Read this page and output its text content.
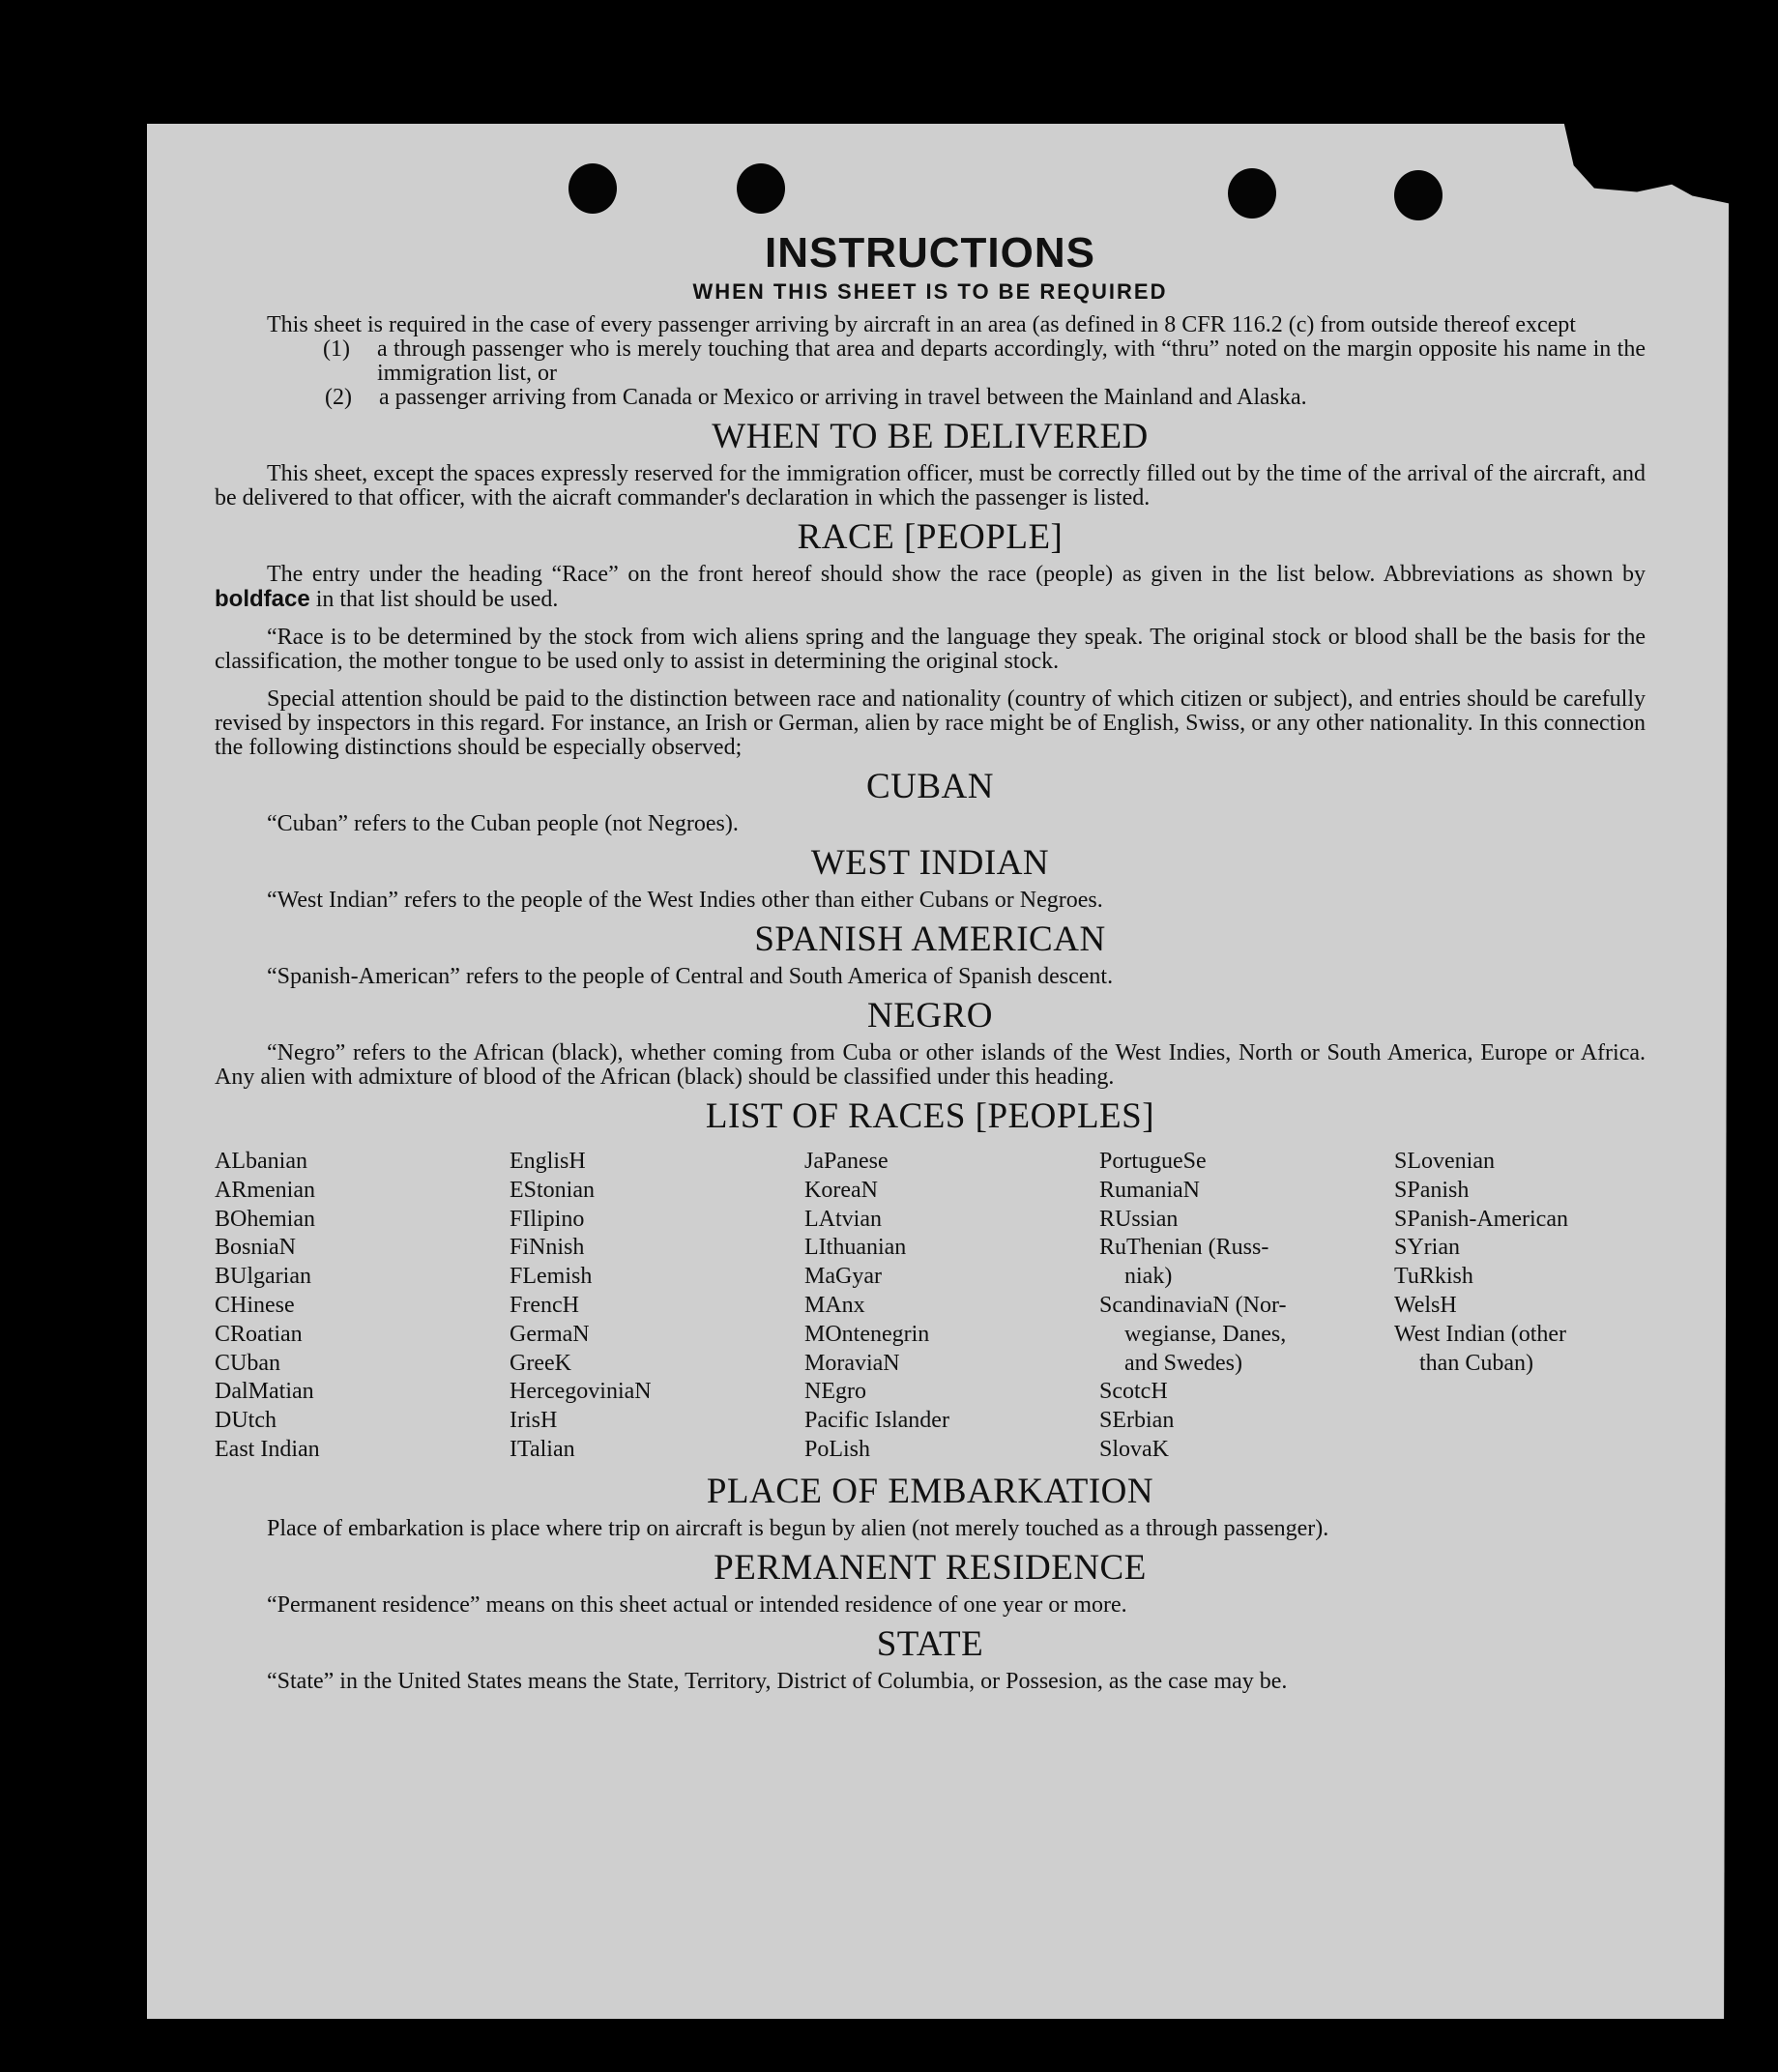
INSTRUCTIONS
WHEN THIS SHEET IS TO BE REQUIRED

This sheet is required in the case of every passenger arriving by aircraft in an area (as defined in 8 CFR 116.2 (c) from outside thereof except

(1) a through passenger who is merely touching that area and departs accordingly, with “thru” noted on the margin opposite his name in the immigration list, or
(2) a passenger arriving from Canada or Mexico or arriving in travel between the Mainland and Alaska.
WHEN TO BE DELIVERED

This sheet, except the spaces expressly reserved for the immigration officer, must be correctly filled out by the time of the arrival of the aircraft, and be delivered to that officer, with the aicraft commander's declaration in which the passenger is listed.

RACE [PEOPLE]

The entry under the heading “Race” on the front hereof should show the race (people) as given in the list below. Abbreviations as shown by boldface in that list should be used.

“Race is to be determined by the stock from wich aliens spring and the language they speak. The original stock or blood shall be the basis for the classification, the mother tongue to be used only to assist in determining the original stock.

Special attention should be paid to the distinction between race and nationality (country of which citizen or subject), and entries should be carefully revised by inspectors in this regard. For instance, an Irish or German, alien by race might be of English, Swiss, or any other nationality. In this connection the following distinctions should be especially observed;

CUBAN

“Cuban” refers to the Cuban people (not Negroes).

WEST INDIAN

“West Indian” refers to the people of the West Indies other than either Cubans or Negroes.

SPANISH AMERICAN

“Spanish-American” refers to the people of Central and South America of Spanish descent.

NEGRO

“Negro” refers to the African (black), whether coming from Cuba or other islands of the West Indies, North or South America, Europe or Africa. Any alien with admixture of blood of the African (black) should be classified under this heading.

LIST OF RACES [PEOPLES]
ALbanian
ARmenian
BOhemian
BosniaN
BUlgarian
CHinese
CRoatian
CUban
DalMatian
DUtch
East Indian
EnglisH
EStonian
FIlipino
FiNnish
FLemish
FrencH
GermaN
GreeK
HercegoviniaN
IrisH
ITalian
JaPanese
KoreaN
LAtvian
LIthuanian
MaGyar
MAnx
MOntenegrin
MoraviaN
NEgro
Pacific Islander
PoLish
PortugueSe
RumaniaN
RUssian
RuThenian (Russ-
niak)
ScandinaviaN (Nor-
wegianse, Danes,
and Swedes)
ScotcH
SErbian
SlovaK
SLovenian
SPanish
SPanish-American
SYrian
TuRkish
WelsH
West Indian (other
than Cuban)
PLACE OF EMBARKATION

Place of embarkation is place where trip on aircraft is begun by alien (not merely touched as a through passenger).

PERMANENT RESIDENCE

“Permanent residence” means on this sheet actual or intended residence of one year or more.

STATE

“State” in the United States means the State, Territory, District of Columbia, or Possesion, as the case may be.
